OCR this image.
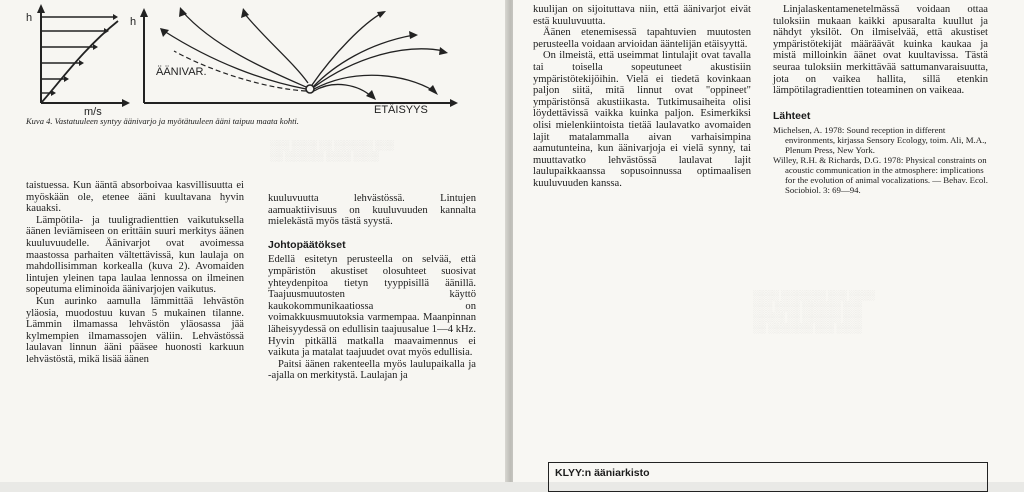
h
m/s
h
ÄÄNIVAR.
ETÄISYYS
Kuva 4. Vastatuuleen syntyy äänivarjo ja myötätuuleen ääni taipuu maata kohti.
░░░ ░░░░ ░░ ░░░░░░ ░░░
░░ ░░░░░░ ░░░░ ░░░░

taistuessa. Kun ääntä absorboivaa kasvillisuutta ei myöskään ole, etenee ääni kuultavana hyvin kauaksi.

Lämpötila- ja tuuligradienttien vaikutuksella äänen leviämiseen on erittäin suuri merkitys äänen kuuluvuudelle. Äänivarjot ovat avoimessa maastossa parhaiten vältettävissä, kun laulaja on mahdollisimman korkealla (kuva 2). Avomaiden lintujen yleinen tapa laulaa lennossa on ilmeinen sopeutuma eliminoida äänivarjojen vaikutus.

Kun aurinko aamulla lämmittää lehvästön yläosia, muodostuu kuvan 5 mukainen tilanne. Lämmin ilmamassa lehvästön yläosassa jää kylmempien ilmamassojen väliin. Lehvästössä laulavan linnun ääni pääsee huonosti karkuun lehvästöstä, mikä lisää äänen

kuuluvuutta lehvästössä. Lintujen aamuaktiivisuus on kuuluvuuden kannalta mielekästä myös tästä syystä.

Johtopäätökset

Edellä esitetyn perusteella on selvää, että ympäristön akustiset olosuhteet suosivat yhteydenpitoa tietyn tyyppisillä äänillä. Taajuusmuutosten käyttö kaukokommunikaatiossa on voimakkuusmuutoksia varmempaa. Maanpinnan läheisyydessä on edullisin taajuusalue 1—4 kHz. Hyvin pitkällä matkalla maavaimennus ei vaikuta ja matalat taajuudet ovat myös edullisia.

Paitsi äänen rakenteella myös laulupaikalla ja -ajalla on merkitystä. Laulajan ja

kuulijan on sijoituttava niin, että äänivarjot eivät estä kuuluvuutta.

Äänen etenemisessä tapahtuvien muutosten perusteella voidaan arvioidan ääntelijän etäisyyttä.

On ilmeistä, että useimmat lintulajit ovat tavalla tai toisella sopeutuneet akustisiin ympäristötekijöihin. Vielä ei tiedetä kovinkaan paljon siitä, mitä linnut ovat "oppineet" ympäristönsä akustiikasta. Tutkimusaiheita olisi löydettävissä vaikka kuinka paljon. Esimerkiksi olisi mielenkiintoista tietää laulavatko avomaiden lajit matalammalla aivan varhaisimpina aamutunteina, kun äänivarjoja ei vielä synny, tai muuttavatko lehvästössä laulavat lajit laulupaikkaanssa sopusoinnussa optimaalisen kuuluvuuden kanssa.

Linjalaskentamenetelmässä voidaan ottaa tuloksiin mukaan kaikki apusaralta kuullut ja nähdyt yksilöt. On ilmiselvää, että akustiset ympäristötekijät määräävät kuinka kaukaa ja mistä milloinkin äänet ovat kuultavissa. Tästä seuraa tuloksiin merkittävää sattumanvaraisuutta, jota on vaikea hallita, sillä etenkin lämpötilagradienttien toteaminen on vaikeaa.

Lähteet

Michelsen, A. 1978: Sound reception in different environments, kirjassa Sensory Ecology, toim. Ali, M.A., Plenum Press, New York.

Willey, R.H. & Richards, D.G. 1978: Physical constraints on acoustic communication in the atmosphere: implications for the evolution of animal vocalizations. — Behav. Ecol. Sociobiol. 3: 69—94.

░░░░ ░░░░░░░ ░░░ ░░░░
░░░ ░░░░ ░░░░░░ ░░░
░░░░░ ░░ ░░░░░░ ░░░
░░ ░░░░░░░ ░░░ ░░░░
KLYY:n ääniarkisto
